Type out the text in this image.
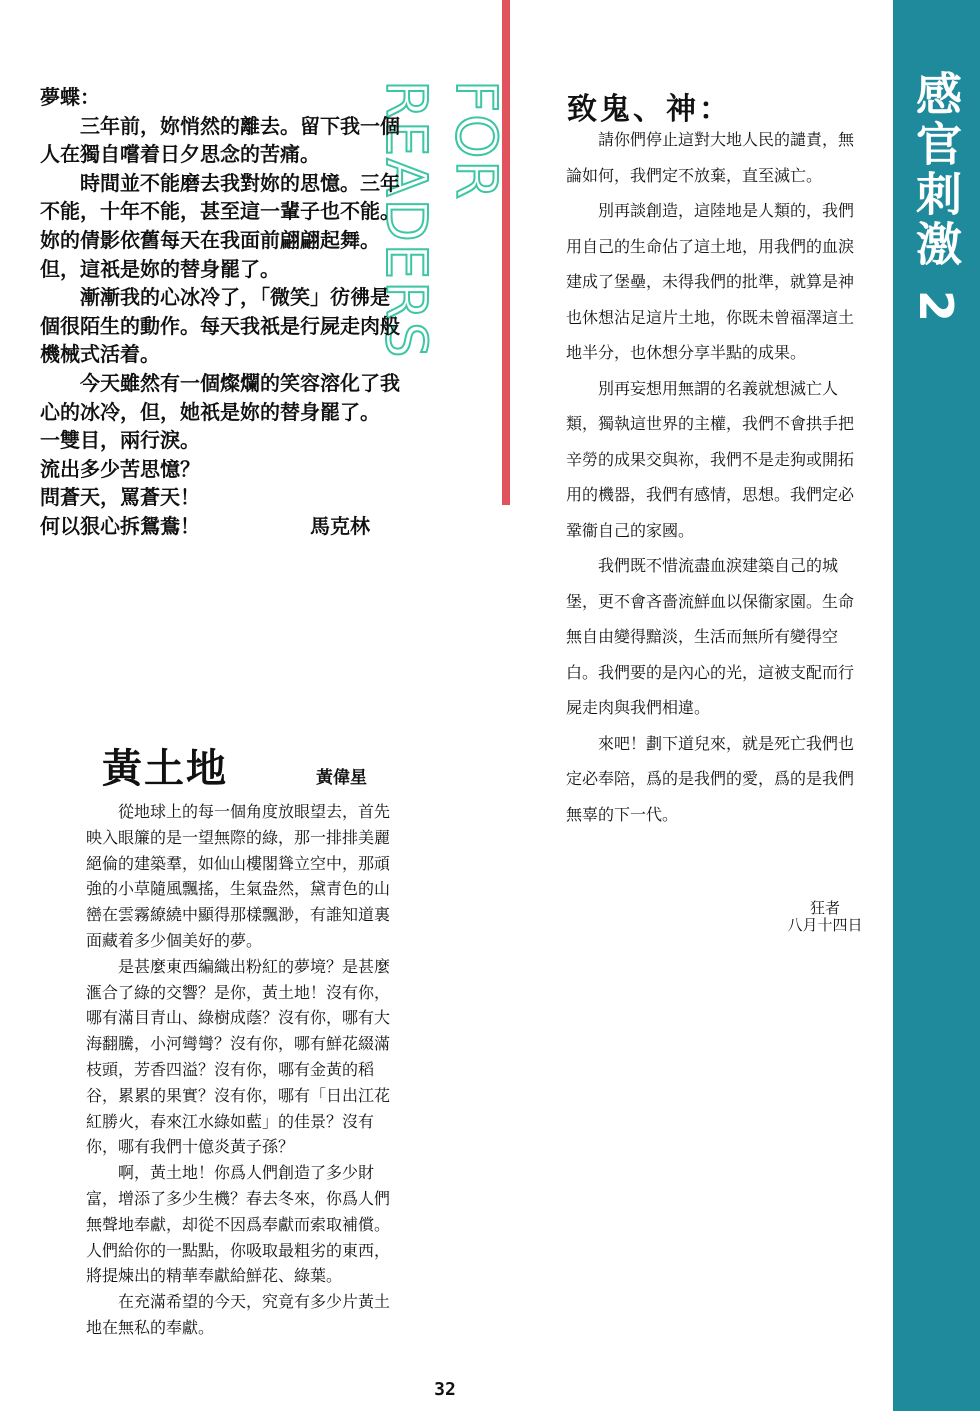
感官刺激 2
FOR READERS

夢蝶：

三年前，妳悄然的離去。留下我一個人在獨自嚐着日夕思念的苦痛。

時間並不能磨去我對妳的思憶。三年不能，十年不能，甚至這一輩子也不能。妳的倩影依舊每天在我面前翩翩起舞。但，這祇是妳的替身罷了。

漸漸我的心冰冷了，「微笑」彷彿是個很陌生的動作。每天我祇是行屍走肉般機械式活着。

今天雖然有一個燦爛的笑容溶化了我心的冰冷，但，她祇是妳的替身罷了。

一雙目，兩行淚。

流出多少苦思憶？

問蒼天，罵蒼天！

何以狠心拆鴛鴦！	馬克林
黃土地	黃偉星

從地球上的每一個角度放眼望去，首先映入眼簾的是一望無際的綠，那一排排美麗絕倫的建築羣，如仙山樓閣聳立空中，那頑強的小草隨風飄搖，生氣盎然，黛青色的山巒在雲霧繚繞中顯得那樣飄渺，有誰知道裏面藏着多少個美好的夢。

是甚麼東西編織出粉紅的夢境？是甚麼滙合了綠的交響？是你，黃土地！沒有你，哪有滿目青山、綠樹成蔭？沒有你，哪有大海翻騰，小河彎彎？沒有你，哪有鮮花綴滿枝頭，芳香四溢？沒有你，哪有金黃的稻谷，累累的果實？沒有你，哪有「日出江花紅勝火，春來江水綠如藍」的佳景？沒有你，哪有我們十億炎黃子孫？

啊，黃土地！你爲人們創造了多少財富，增添了多少生機？春去冬來，你爲人們無聲地奉獻，却從不因爲奉獻而索取補償。人們給你的一點點，你吸取最粗劣的東西，將提煉出的精華奉獻給鮮花、綠葉。

在充滿希望的今天，究竟有多少片黃土地在無私的奉獻。

致鬼、神：

請你們停止這對大地人民的譴責，無論如何，我們定不放棄，直至滅亡。

別再談創造，這陸地是人類的，我們用自己的生命佔了這土地，用我們的血淚建成了堡壘，未得我們的批準，就算是神也休想沾足這片土地，你既未曾福澤這土地半分，也休想分享半點的成果。

別再妄想用無謂的名義就想滅亡人類，獨執這世界的主權，我們不會拱手把辛勞的成果交與祢，我們不是走狗或開拓用的機器，我們有感情，思想。我們定必鞏衞自己的家國。

我們既不惜流盡血淚建築自己的城堡，更不會吝嗇流鮮血以保衞家園。生命無自由變得黯淡，生活而無所有變得空白。我們要的是內心的光，這被支配而行屍走肉與我們相違。

來吧！劃下道兒來，就是死亡我們也定必奉陪，爲的是我們的愛，爲的是我們無辜的下一代。

狂者
八月十四日
32
